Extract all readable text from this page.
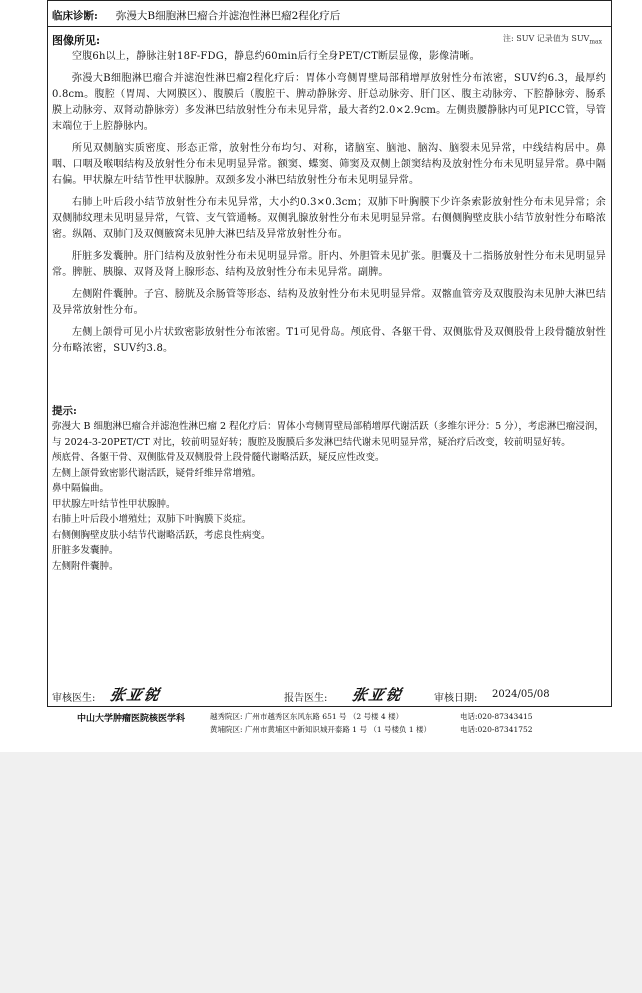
临床诊断: 弥漫大B细胞淋巴瘤合并滤泡性淋巴瘤2程化疗后
图像所见:	注: SUV 记录值为 $SUV_{max}$

空腹6h以上，静脉注射18F-FDG，静息约60min后行全身PET/CT断层显像，影像清晰。

弥漫大B细胞淋巴瘤合并滤泡性淋巴瘤2程化疗后：胃体小弯侧胃壁局部稍增厚放射性分布浓密，SUV约6.3，最厚约0.8cm。腹腔（胃周、大网膜区）、腹膜后（腹腔干、脾动静脉旁、肝总动脉旁、肝门区、腹主动脉旁、下腔静脉旁、肠系膜上动脉旁、双肾动静脉旁）多发淋巴结放射性分布未见异常，最大者约2.0×2.9cm。左侧贵腰静脉内可见PICC管，导管末端位于上腔静脉内。

所见双侧脑实质密度、形态正常，放射性分布均匀、对称，诸脑室、脑池、脑沟、脑裂未见异常，中线结构居中。鼻咽、口咽及喉咽结构及放射性分布未见明显异常。额窦、蝶窦、筛窦及双侧上颌窦结构及放射性分布未见明显异常。鼻中隔右偏。甲状腺左叶结节性甲状腺肿。双颈多发小淋巴结放射性分布未见明显异常。

右肺上叶后段小结节放射性分布未见异常，大小约0.3×0.3cm；双肺下叶胸膜下少许条索影放射性分布未见异常；余双侧肺纹理未见明显异常，气管、支气管通畅。双侧乳腺放射性分布未见明显异常。右侧侧胸壁皮肤小结节放射性分布略浓密。纵隔、双肺门及双侧腋窝未见肿大淋巴结及异常放射性分布。

肝脏多发囊肿。肝门结构及放射性分布未见明显异常。肝内、外胆管未见扩张。胆囊及十二指肠放射性分布未见明显异常。脾脏、胰腺、双肾及肾上腺形态、结构及放射性分布未见异常。副脾。

左侧附件囊肿。子宫、膀胱及余肠管等形态、结构及放射性分布未见明显异常。双髂血管旁及双腹股沟未见肿大淋巴结及异常放射性分布。

左侧上颌骨可见小片状致密影放射性分布浓密。T1可见骨岛。颅底骨、各躯干骨、双侧肱骨及双侧股骨上段骨髓放射性分布略浓密，SUV约3.8。

提示:
弥漫大 B 细胞淋巴瘤合并滤泡性淋巴瘤 2 程化疗后：胃体小弯侧胃壁局部稍增厚代谢活跃（多维尔评分：5 分），考虑淋巴瘤浸润，与 2024-3-20PET/CT 对比，较前明显好转；腹腔及腹膜后多发淋巴结代谢未见明显异常，疑治疗后改变，较前明显好转。
颅底骨、各躯干骨、双侧肱骨及双侧股骨上段骨髓代谢略活跃，疑反应性改变。
左侧上颌骨致密影代谢活跃，疑骨纤维异常增殖。
鼻中隔偏曲。
甲状腺左叶结节性甲状腺肿。
右肺上叶后段小增殖灶；双肺下叶胸膜下炎症。
右侧侧胸壁皮肤小结节代谢略活跃，考虑良性病变。
肝脏多发囊肿。
左侧附件囊肿。
审核医生: 张亚锐	报告医生: 张亚锐	审核日期: 2024/05/08
中山大学肿瘤医院核医学科	越秀院区: 广州市越秀区东风东路 651 号 （2 号楼 4 楼）
黄埔院区: 广州市黄埔区中新知识城开泰路 1 号 （1 号楼负 1 楼）
电话:020-87343415
电话:020-87341752
